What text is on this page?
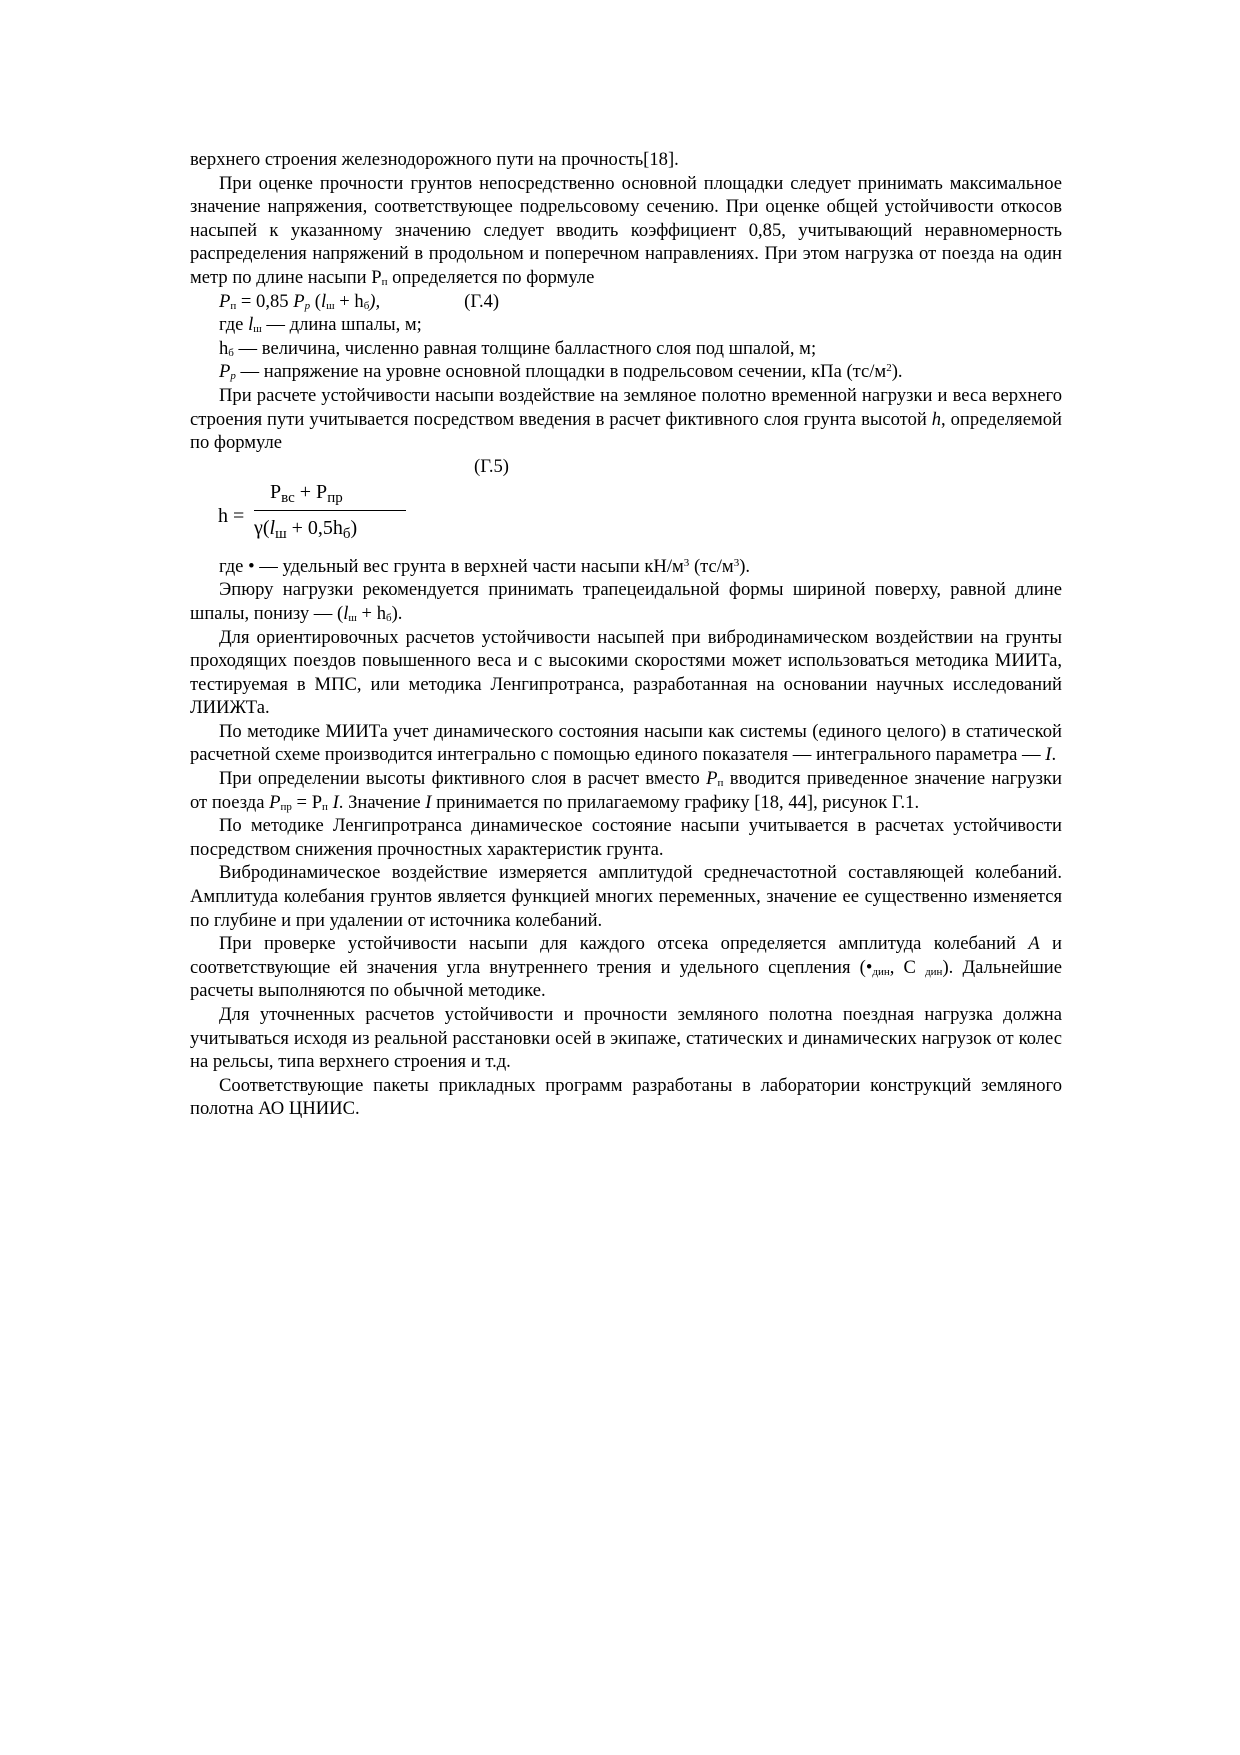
верхнего строения железнодорожного пути на прочность[18].

При оценке прочности грунтов непосредственно основной площадки следует принимать максимальное значение напряжения, соответствующее подрельсовому сечению. При оценке общей устойчивости откосов насыпей к указанному значению следует вводить коэффициент 0,85, учитывающий неравномерность распределения напряжений в продольном и поперечном направлениях. При этом нагрузка от поезда на один метр по длине насыпи $P_п$ определяется по формуле

$P_п = 0,85$ $P_р$ $(l_ш + h_б)$,	(Г.4)

где $l_ш$ — длина шпалы, м;

$h_б$ — величина, численно равная толщине балластного слоя под шпалой, м;

$P_р$ — напряжение на уровне основной площадки в подрельсовом сечении, кПа $(тс/м^2)$.

При расчете устойчивости насыпи воздействие на земляное полотно временной нагрузки и веса верхнего строения пути учитывается посредством введения в расчет фиктивного слоя грунта высотой h, определяемой по формуле

(Г.5)
h =
$P_{вс} + P_{пр}$
$\gamma(l_ш + 0,5h_б)$

где • — удельный вес грунта в верхней части насыпи $кН/м^3$ $(тс/м^3)$.

Эпюру нагрузки рекомендуется принимать трапецеидальной формы шириной поверху, равной длине шпалы, понизу — $(l_ш + h_б)$.

Для ориентировочных расчетов устойчивости насыпей при вибродинамическом воздействии на грунты проходящих поездов повышенного веса и с высокими скоростями может использоваться методика МИИТа, тестируемая в МПС, или методика Ленгипротранса, разработанная на основании научных исследований ЛИИЖТа.

По методике МИИТа учет динамического состояния насыпи как системы (единого целого) в статической расчетной схеме производится интегрально с помощью единого показателя — интегрального параметра — I.

При определении высоты фиктивного слоя в расчет вместо $P_п$ вводится приведенное значение нагрузки от поезда $P_{пр} = P_п$ I. Значение I принимается по прилагаемому графику [18, 44], рисунок Г.1.

По методике Ленгипротранса динамическое состояние насыпи учитывается в расчетах устойчивости посредством снижения прочностных характеристик грунта.

Вибродинамическое воздействие измеряется амплитудой среднечастотной составляющей колебаний. Амплитуда колебания грунтов является функцией многих переменных, значение ее существенно изменяется по глубине и при удалении от источника колебаний.

При проверке устойчивости насыпи для каждого отсека определяется амплитуда колебаний A и соответствующие ей значения угла внутреннего трения и удельного сцепления ($•_{дин}$, C $_{дин}$). Дальнейшие расчеты выполняются по обычной методике.

Для уточненных расчетов устойчивости и прочности земляного полотна поездная нагрузка должна учитываться исходя из реальной расстановки осей в экипаже, статических и динамических нагрузок от колес на рельсы, типа верхнего строения и т.д.

Соответствующие пакеты прикладных программ разработаны в лаборатории конструкций земляного полотна АО ЦНИИС.
